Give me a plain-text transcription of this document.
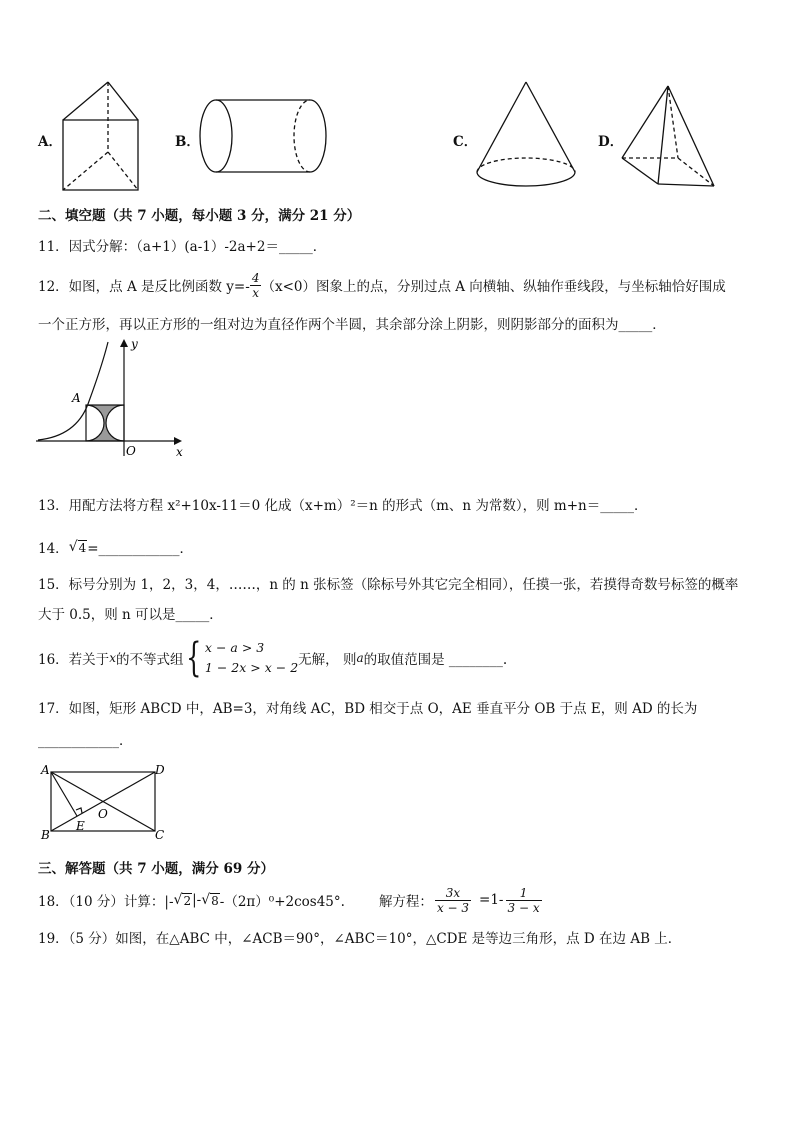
A．	B．	C．	D．
二、填空题（共 7 小题，每小题 3 分，满分 21 分）
11．因式分解：（a+1）(a-1）-2a+2＝_____．
12．如图，点 A 是反比例函数 $y=- \frac{4}{x} (x<0)$图象上的点，分别过点 A 向横轴、纵轴作垂线段，与坐标轴恰好围成
一个正方形，再以正方形的一组对边为直径作两个半圆，其余部分涂上阴影，则阴影部分的面积为_____．
y
A
O	x
13．用配方法将方程 x²+10x-11＝0 化成（x+m）²＝n 的形式（m、n 为常数），则 m+n＝_____．
14． √ 4 =____________．
15．标号分别为 1，2，3，4，……，n 的 n 张标签（除标号外其它完全相同），任摸一张，若摸得奇数号标签的概率
大于 0.5，则 n 可以是_____．
16．若关于 x 的不等式组 { x − a > 3
1 − 2x > x − 2 无解， 则 a 的取值范围是 ________.
17．如图，矩形 ABCD 中，AB=3，对角线 AC，BD 相交于点 O，AE 垂直平分 OB 于点 E，则 AD 的长为
____________．
A	D
O
E
B	C
三、解答题（共 7 小题，满分 69 分）
18．（10 分）计算：|- √ 2 |- √ 8 -（2π）⁰+2cos45°.	解方程： $\frac{3x}{x - 3} =1- \frac{1}{3 - x}$
19．（5 分）如图，在△ABC 中，∠ACB＝90°，∠ABC＝10°，△CDE 是等边三角形，点 D 在边 AB 上．
